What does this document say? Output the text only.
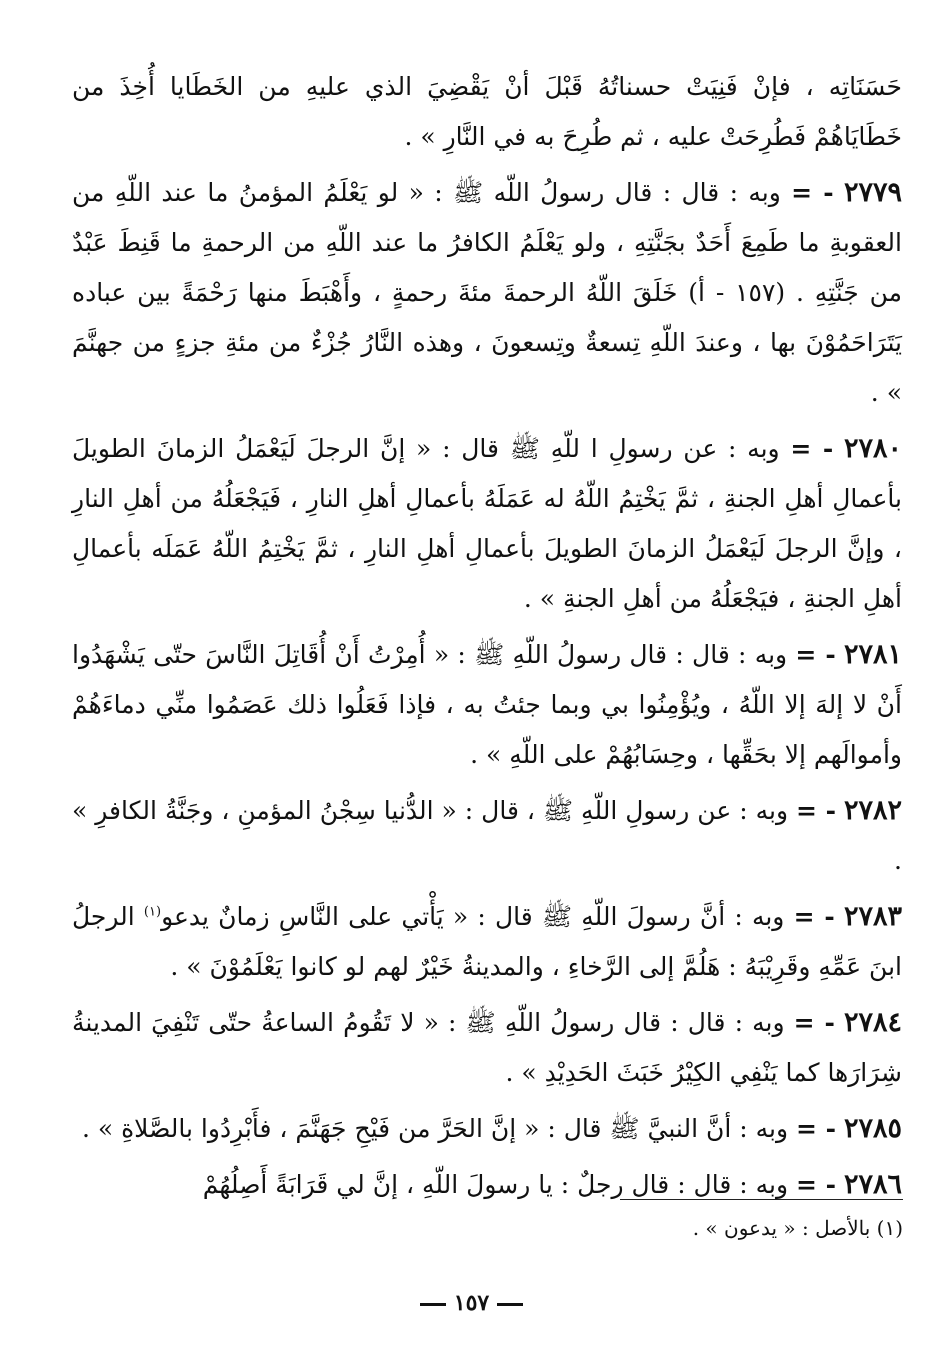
حَسَنَاتِه ، فإنْ فَنِيَتْ حسناتُهُ قَبْلَ أنْ يَقْضِيَ الذي عليهِ من الخَطَايا أُخِذَ من خَطَايَاهُمْ فَطُرِحَتْ عليه ، ثم طُرِحَ به في النَّارِ » .

٢٧٧٩ - = وبه : قال : قال رسولُ اللّه ﷺ : « لو يَعْلَمُ المؤمنُ ما عند اللّهِ من العقوبةِ ما طَمِعَ أَحَدٌ بجَنَّتِهِ ، ولو يَعْلَمُ الكافرُ ما عند اللّهِ من الرحمةِ ما قَنِطَ عَبْدٌ من جَنَّتِهِ . (١٥٧ - أ) خَلَقَ اللّهُ الرحمةَ مئةَ رحمةٍ ، وأَهْبَطَ منها رَحْمَةً بين عباده يَتَرَاحَمُوْنَ بها ، وعندَ اللّهِ تِسعةٌ وتِسعونَ ، وهذه النَّارُ جُزْءٌ من مئةِ جزءٍ من جهنَّمَ » .

٢٧٨٠ - = وبه : عن رسولِ ا للّهِ ﷺ قال : « إنَّ الرجلَ لَيَعْمَلُ الزمانَ الطويلَ بأعمالِ أهلِ الجنةِ ، ثمَّ يَخْتِمُ اللّهُ له عَمَلَهُ بأعمالِ أهلِ النارِ ، فَيَجْعَلُهُ من أهلِ النارِ ، وإنَّ الرجلَ لَيَعْمَلُ الزمانَ الطويلَ بأعمالِ أهلِ النارِ ، ثمَّ يَخْتِمُ اللّهُ عَمَلَه بأعمالِ أهلِ الجنةِ ، فيَجْعَلُهُ من أهلِ الجنةِ » .

٢٧٨١ - = وبه : قال : قال رسولُ اللّهِ ﷺ : « أُمِرْتُ أَنْ أُقَاتِلَ النَّاسَ حتّى يَشْهَدُوا أَنْ لا إلهَ إلا اللّهُ ، ويُؤْمِنُوا بي وبما جئتُ به ، فإذا فَعَلُوا ذلك عَصَمُوا منِّي دماءَهُمْ وأموالَهم إلا بحَقِّها ، وحِسَابُهُمْ على اللّهِ » .

٢٧٨٢ - = وبه : عن رسولِ اللّهِ ﷺ ، قال : « الدُّنيا سِجْنُ المؤمنِ ، وجَنَّةُ الكافرِ » .

٢٧٨٣ - = وبه : أنَّ رسولَ اللّهِ ﷺ قال : « يَأْتي على النَّاسِ زمانٌ يدعو$^{(١)}$ الرجلُ ابنَ عَمِّهِ وقَرِيْبَهُ : هَلُمَّ إلى الرَّخاءِ ، والمدينةُ خَيْرٌ لهم لو كانوا يَعْلَمُوْنَ » .

٢٧٨٤ - = وبه : قال : قال رسولُ اللّهِ ﷺ : « لا تَقُومُ الساعةُ حتّى تَنْفِيَ المدينةُ شِرَارَها كما يَنْفِي الكِيْرُ خَبَثَ الحَدِيْدِ » .

٢٧٨٥ - = وبه : أنَّ النبيَّ ﷺ قال : « إنَّ الحَرَّ من فَيْحِ جَهَنَّمَ ، فأَبْرِدُوا بالصَّلاةِ » .

٢٧٨٦ - = وبه : قال : قال رجلٌ : يا رسولَ اللّهِ ، إنَّ لي قَرَابَةً أَصِلُهُمْ

(١) بالأصل : « يدعون » .
١٥٧
